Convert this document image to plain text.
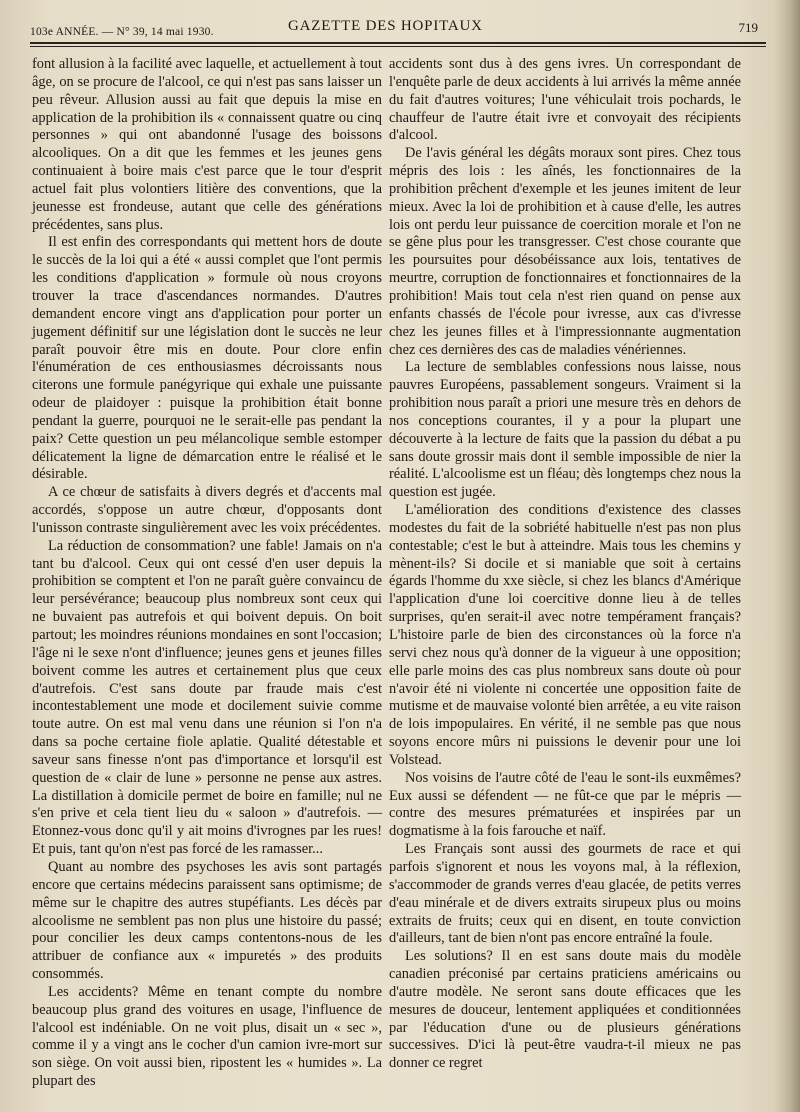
103e ANNÉE. — N° 39, 14 mai 1930.	GAZETTE DES HOPITAUX	719

font allusion à la facilité avec laquelle, et actuellement à tout âge, on se procure de l'alcool, ce qui n'est pas sans laisser un peu rêveur. Allusion aussi au fait que depuis la mise en application de la prohibition ils « connaissent quatre ou cinq personnes » qui ont abandonné l'usage des boissons alcooliques. On a dit que les femmes et les jeunes gens continuaient à boire mais c'est parce que le tour d'esprit actuel fait plus volontiers litière des conventions, que la jeunesse est frondeuse, autant que celle des générations précédentes, sans plus.

Il est enfin des correspondants qui mettent hors de doute le succès de la loi qui a été « aussi complet que l'ont permis les conditions d'application » formule où nous croyons trouver la trace d'ascendances normandes. D'autres demandent encore vingt ans d'application pour porter un jugement définitif sur une législation dont le succès ne leur paraît pouvoir être mis en doute. Pour clore enfin l'énumération de ces enthousiasmes décroissants nous citerons une formule panégyrique qui exhale une puissante odeur de plaidoyer : puisque la prohibition était bonne pendant la guerre, pourquoi ne le serait-elle pas pendant la paix? Cette question un peu mélancolique semble estomper délicatement la ligne de démarcation entre le réalisé et le désirable.

A ce chœur de satisfaits à divers degrés et d'accents mal accordés, s'oppose un autre chœur, d'opposants dont l'unisson contraste singulièrement avec les voix précédentes.

La réduction de consommation? une fable! Jamais on n'a tant bu d'alcool. Ceux qui ont cessé d'en user depuis la prohibition se comptent et l'on ne paraît guère convaincu de leur persévérance; beaucoup plus nombreux sont ceux qui ne buvaient pas autrefois et qui boivent depuis. On boit partout; les moindres réunions mondaines en sont l'occasion; l'âge ni le sexe n'ont d'influence; jeunes gens et jeunes filles boivent comme les autres et certainement plus que ceux d'autrefois. C'est sans doute par fraude mais c'est incontestablement une mode et docilement suivie comme toute autre. On est mal venu dans une réunion si l'on n'a dans sa poche certaine fiole aplatie. Qualité détestable et saveur sans finesse n'ont pas d'importance et lorsqu'il est question de « clair de lune » personne ne pense aux astres. La distillation à domicile permet de boire en famille; nul ne s'en prive et cela tient lieu du « saloon » d'autrefois. — Etonnez-vous donc qu'il y ait moins d'ivrognes par les rues! Et puis, tant qu'on n'est pas forcé de les ramasser...

Quant au nombre des psychoses les avis sont partagés encore que certains médecins paraissent sans optimisme; de même sur le chapitre des autres stupéfiants. Les décès par alcoolisme ne semblent pas non plus une histoire du passé; pour concilier les deux camps contentons-nous de les attribuer de confiance aux « impuretés » des produits consommés.

Les accidents? Même en tenant compte du nombre beaucoup plus grand des voitures en usage, l'influence de l'alcool est indéniable. On ne voit plus, disait un « sec », comme il y a vingt ans le cocher d'un camion ivre-mort sur son siège. On voit aussi bien, ripostent les « humides ». La plupart des

accidents sont dus à des gens ivres. Un correspondant de l'enquête parle de deux accidents à lui arrivés la même année du fait d'autres voitures; l'une véhiculait trois pochards, le chauffeur de l'autre était ivre et convoyait des récipients d'alcool.

De l'avis général les dégâts moraux sont pires. Chez tous mépris des lois : les aînés, les fonctionnaires de la prohibition prêchent d'exemple et les jeunes imitent de leur mieux. Avec la loi de prohibition et à cause d'elle, les autres lois ont perdu leur puissance de coercition morale et l'on ne se gêne plus pour les transgresser. C'est chose courante que les poursuites pour désobéissance aux lois, tentatives de meurtre, corruption de fonctionnaires et fonctionnaires de la prohibition! Mais tout cela n'est rien quand on pense aux enfants chassés de l'école pour ivresse, aux cas d'ivresse chez les jeunes filles et à l'impressionnante augmentation chez ces dernières des cas de maladies vénériennes.

La lecture de semblables confessions nous laisse, nous pauvres Européens, passablement songeurs. Vraiment si la prohibition nous paraît a priori une mesure très en dehors de nos conceptions courantes, il y a pour la plupart une découverte à la lecture de faits que la passion du débat a pu sans doute grossir mais dont il semble impossible de nier la réalité. L'alcoolisme est un fléau; dès longtemps chez nous la question est jugée.

L'amélioration des conditions d'existence des classes modestes du fait de la sobriété habituelle n'est pas non plus contestable; c'est le but à atteindre. Mais tous les chemins y mènent-ils? Si docile et si maniable que soit à certains égards l'homme du xxe siècle, si chez les blancs d'Amérique l'application d'une loi coercitive donne lieu à de telles surprises, qu'en serait-il avec notre tempérament français? L'histoire parle de bien des circonstances où la force n'a servi chez nous qu'à donner de la vigueur à une opposition; elle parle moins des cas plus nombreux sans doute où pour n'avoir été ni violente ni concertée une opposition faite de mutisme et de mauvaise volonté bien arrêtée, a eu vite raison de lois impopulaires. En vérité, il ne semble pas que nous soyons encore mûrs ni puissions le devenir pour une loi Volstead.

Nos voisins de l'autre côté de l'eau le sont-ils euxmêmes? Eux aussi se défendent — ne fût-ce que par le mépris — contre des mesures prématurées et inspirées par un dogmatisme à la fois farouche et naïf.

Les Français sont aussi des gourmets de race et qui parfois s'ignorent et nous les voyons mal, à la réflexion, s'accommoder de grands verres d'eau glacée, de petits verres d'eau minérale et de divers extraits sirupeux plus ou moins extraits de fruits; ceux qui en disent, en toute conviction d'ailleurs, tant de bien n'ont pas encore entraîné la foule.

Les solutions? Il en est sans doute mais du modèle canadien préconisé par certains praticiens américains ou d'autre modèle. Ne seront sans doute efficaces que les mesures de douceur, lentement appliquées et conditionnées par l'éducation d'une ou de plusieurs générations successives. D'ici là peut-être vaudra-t-il mieux ne pas donner ce regret
